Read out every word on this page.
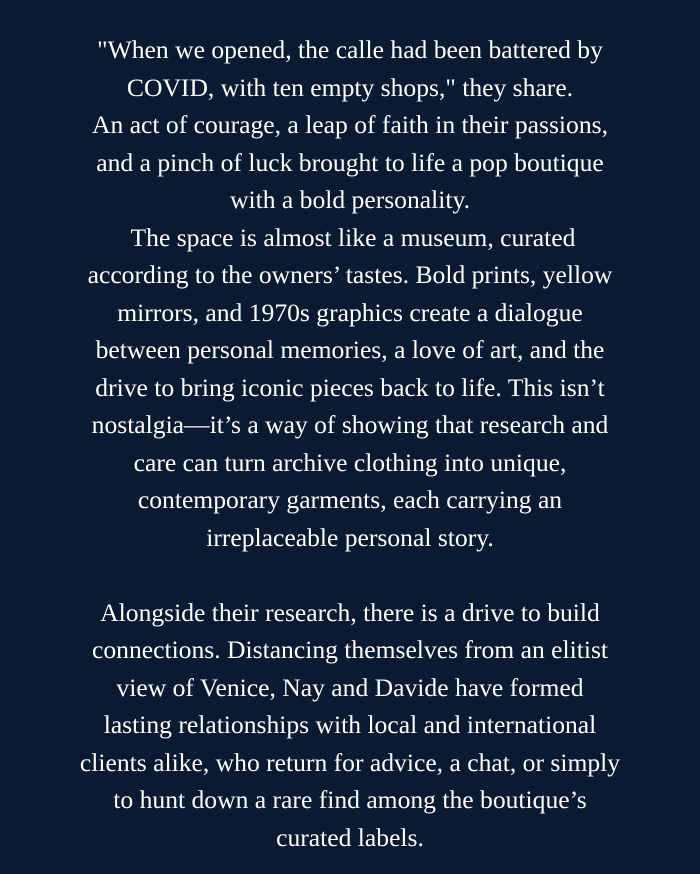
"When we opened, the calle had been battered by
COVID, with ten empty shops," they share.
An act of courage, a leap of faith in their passions,
and a pinch of luck brought to life a pop boutique
with a bold personality.
The space is almost like a museum, curated
according to the owners’ tastes. Bold prints, yellow
mirrors, and 1970s graphics create a dialogue
between personal memories, a love of art, and the
drive to bring iconic pieces back to life. This isn’t
nostalgia—it’s a way of showing that research and
care can turn archive clothing into unique,
contemporary garments, each carrying an
irreplaceable personal story.

Alongside their research, there is a drive to build
connections. Distancing themselves from an elitist
view of Venice, Nay and Davide have formed
lasting relationships with local and international
clients alike, who return for advice, a chat, or simply
to hunt down a rare find among the boutique’s
curated labels.
